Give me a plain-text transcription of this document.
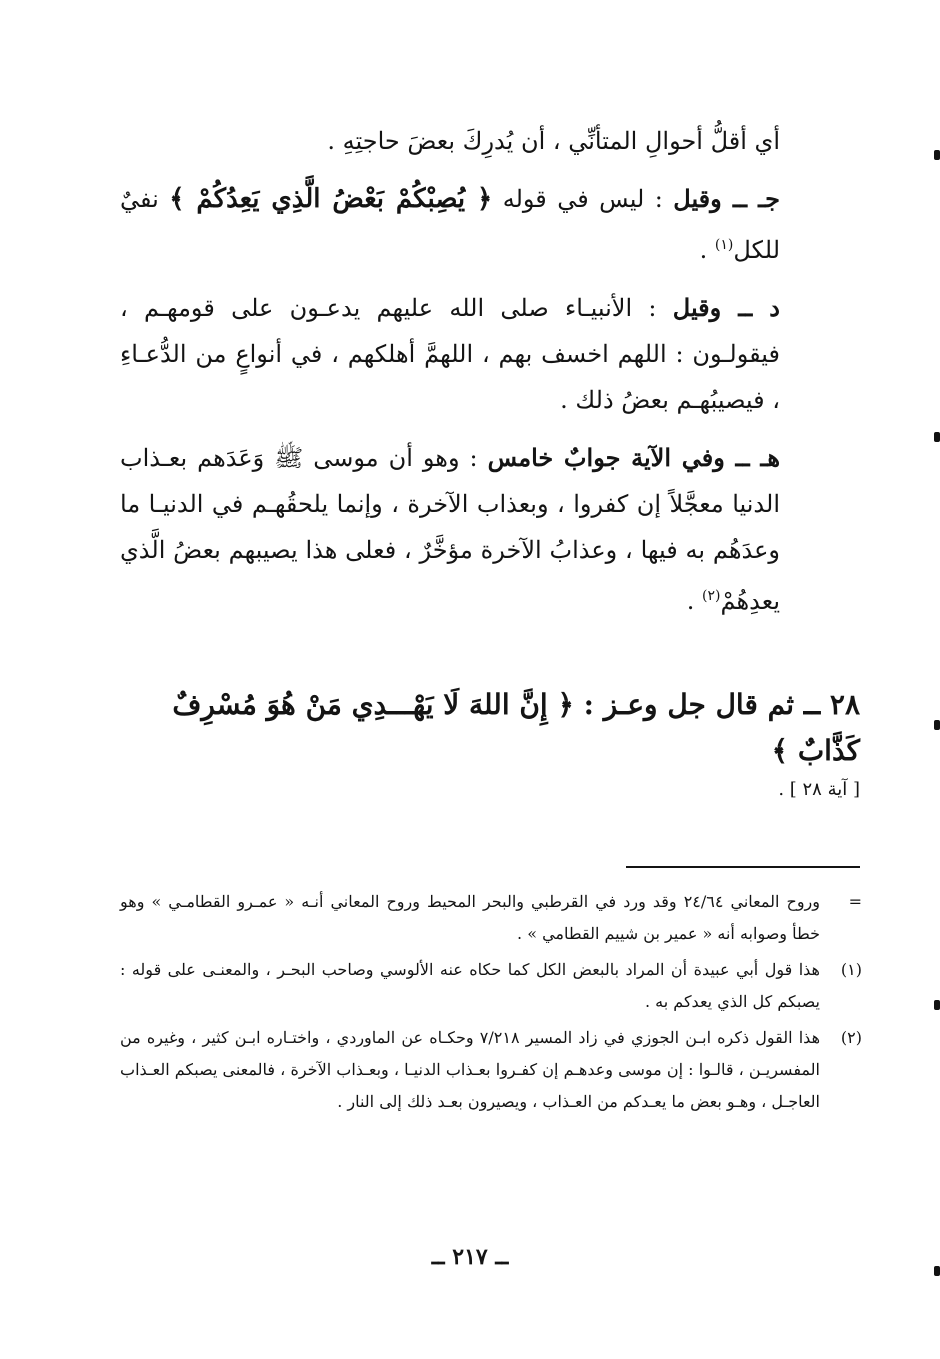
أي أقلُّ أحوالِ المتأنِّي ، أن يُدرِكَ بعضَ حاجتِهِ .

جـ ــ وقيل : ليس في قوله ﴿ يُصِبْكُمْ بَعْضُ الَّذِي يَعِدُكُمْ ﴾ نفيٌ للكل$^{(١)}$ .

د ــ وقيل : الأنبيـاء صلى الله عليهم يدعـون على قومهـم ، فيقولـون : اللهم اخسف بهم ، اللهمَّ أهلكهم ، في أنواعٍ من الدُّعـاءِ ، فيصيبُهـم بعضُ ذلك .

هـ ــ وفي الآية جوابٌ خامس : وهو أن موسى ﷺ وَعَدَهم بعـذاب الدنيا معجَّلاً إن كفروا ، وبعذاب الآخرة ، وإنما يلحقُهـم في الدنيـا ما وعدَهُم به فيها ، وعذابُ الآخرة مؤخَّرٌ ، فعلى هذا يصيبهم بعضُ الَّذي يعدِهُمْ$^{(٢)}$ .

٢٨ ــ ثم قال جل وعـز : ﴿ إِنَّ اللهَ لَا يَهْـــدِي مَنْ هُوَ مُسْرِفٌ كَذَّابٌ ﴾

[ آية ٢٨ ] .

=
وروح المعاني ٢٤/٦٤ وقد ورد في القرطبي والبحر المحيط وروح المعاني أنـه « عمـرو القطامـي » وهو خطأ وصوابه أنه « عمير بن شييم القطامي » .
(١)
هذا قول أبي عبيدة أن المراد بالبعض الكل كما حكاه عنه الألوسي وصاحب البحـر ، والمعنـى على قوله : يصبكم كل الذي يعدكم به .
(٢)
هذا القول ذكره ابـن الجوزي في زاد المسير ٧/٢١٨ وحكـاه عن الماوردي ، واختـاره ابـن كثير ، وغيره من المفسريـن ، قالـوا : إن موسى وعدهـم إن كفـروا بعـذاب الدنيـا ، وبعـذاب الآخرة ، فالمعنى يصبكم العـذاب العاجـل ، وهـو بعض ما يعـدكم من العـذاب ، ويصيرون بعـد ذلك إلى النار .
ــ ٢١٧ ــ
